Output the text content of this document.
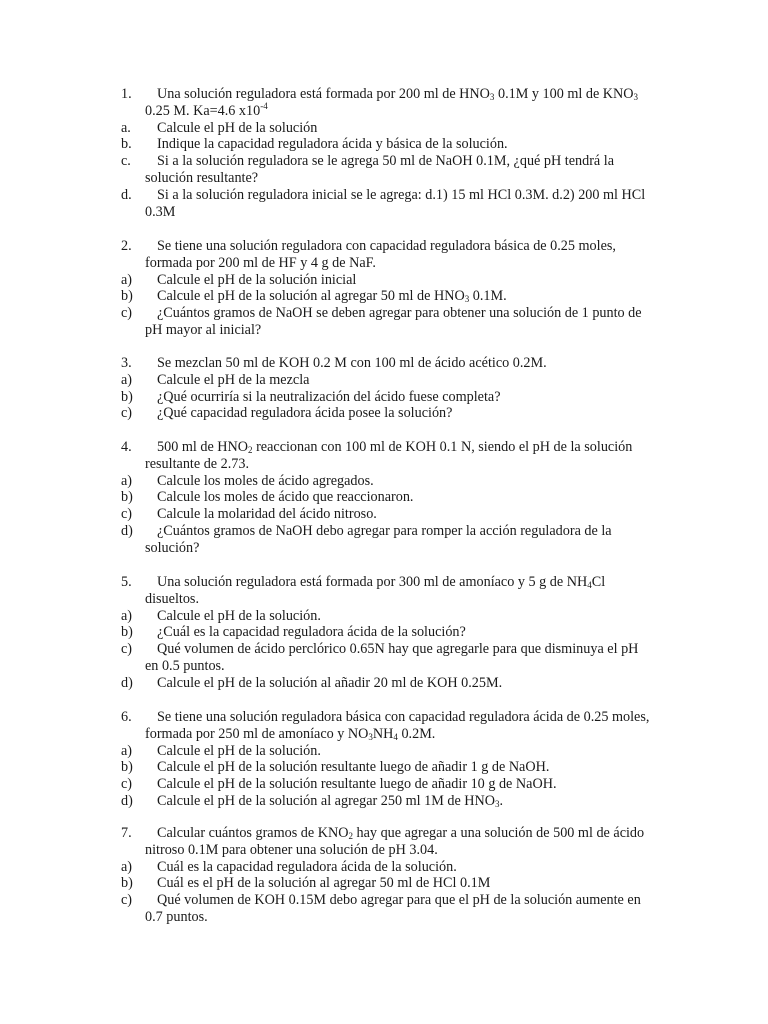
1. Una solución reguladora está formada por 200 ml de $HNO_3$ 0.1M y 100 ml de $KNO_3$
0.25 M. Ka=4.6 $x10^{-4}$
a. Calcule el pH de la solución
b. Indique la capacidad reguladora ácida y básica de la solución.
c. Si a la solución reguladora se le agrega 50 ml de NaOH 0.1M, ¿qué pH tendrá la
solución resultante?
d. Si a la solución reguladora inicial se le agrega: d.1) 15 ml HCl 0.3M. d.2) 200 ml HCl
0.3M
2. Se tiene una solución reguladora con capacidad reguladora básica de 0.25 moles,
formada por 200 ml de HF y 4 g de NaF.
a) Calcule el pH de la solución inicial
b) Calcule el pH de la solución al agregar 50 ml de $HNO_3$ 0.1M.
c) ¿Cuántos gramos de NaOH se deben agregar para obtener una solución de 1 punto de
pH mayor al inicial?
3. Se mezclan 50 ml de KOH 0.2 M con 100 ml de ácido acético 0.2M.
a) Calcule el pH de la mezcla
b) ¿Qué ocurriría si la neutralización del ácido fuese completa?
c) ¿Qué capacidad reguladora ácida posee la solución?
4. 500 ml de $HNO_2$ reaccionan con 100 ml de KOH 0.1 N, siendo el pH de la solución
resultante de 2.73.
a) Calcule los moles de ácido agregados.
b) Calcule los moles de ácido que reaccionaron.
c) Calcule la molaridad del ácido nitroso.
d) ¿Cuántos gramos de NaOH debo agregar para romper la acción reguladora de la
solución?
5. Una solución reguladora está formada por 300 ml de amoníaco y 5 g de $NH_4Cl$
disueltos.
a) Calcule el pH de la solución.
b) ¿Cuál es la capacidad reguladora ácida de la solución?
c) Qué volumen de ácido perclórico 0.65N hay que agregarle para que disminuya el pH
en 0.5 puntos.
d) Calcule el pH de la solución al añadir 20 ml de KOH 0.25M.
6. Se tiene una solución reguladora básica con capacidad reguladora ácida de 0.25 moles,
formada por 250 ml de amoníaco y $NO_3NH_4$ 0.2M.
a) Calcule el pH de la solución.
b) Calcule el pH de la solución resultante luego de añadir 1 g de NaOH.
c) Calcule el pH de la solución resultante luego de añadir 10 g de NaOH.
d) Calcule el pH de la solución al agregar 250 ml 1M de $HNO_3$.
7. Calcular cuántos gramos de $KNO_2$ hay que agregar a una solución de 500 ml de ácido
nitroso 0.1M para obtener una solución de pH 3.04.
a) Cuál es la capacidad reguladora ácida de la solución.
b) Cuál es el pH de la solución al agregar 50 ml de HCl 0.1M
c) Qué volumen de KOH 0.15M debo agregar para que el pH de la solución aumente en
0.7 puntos.
